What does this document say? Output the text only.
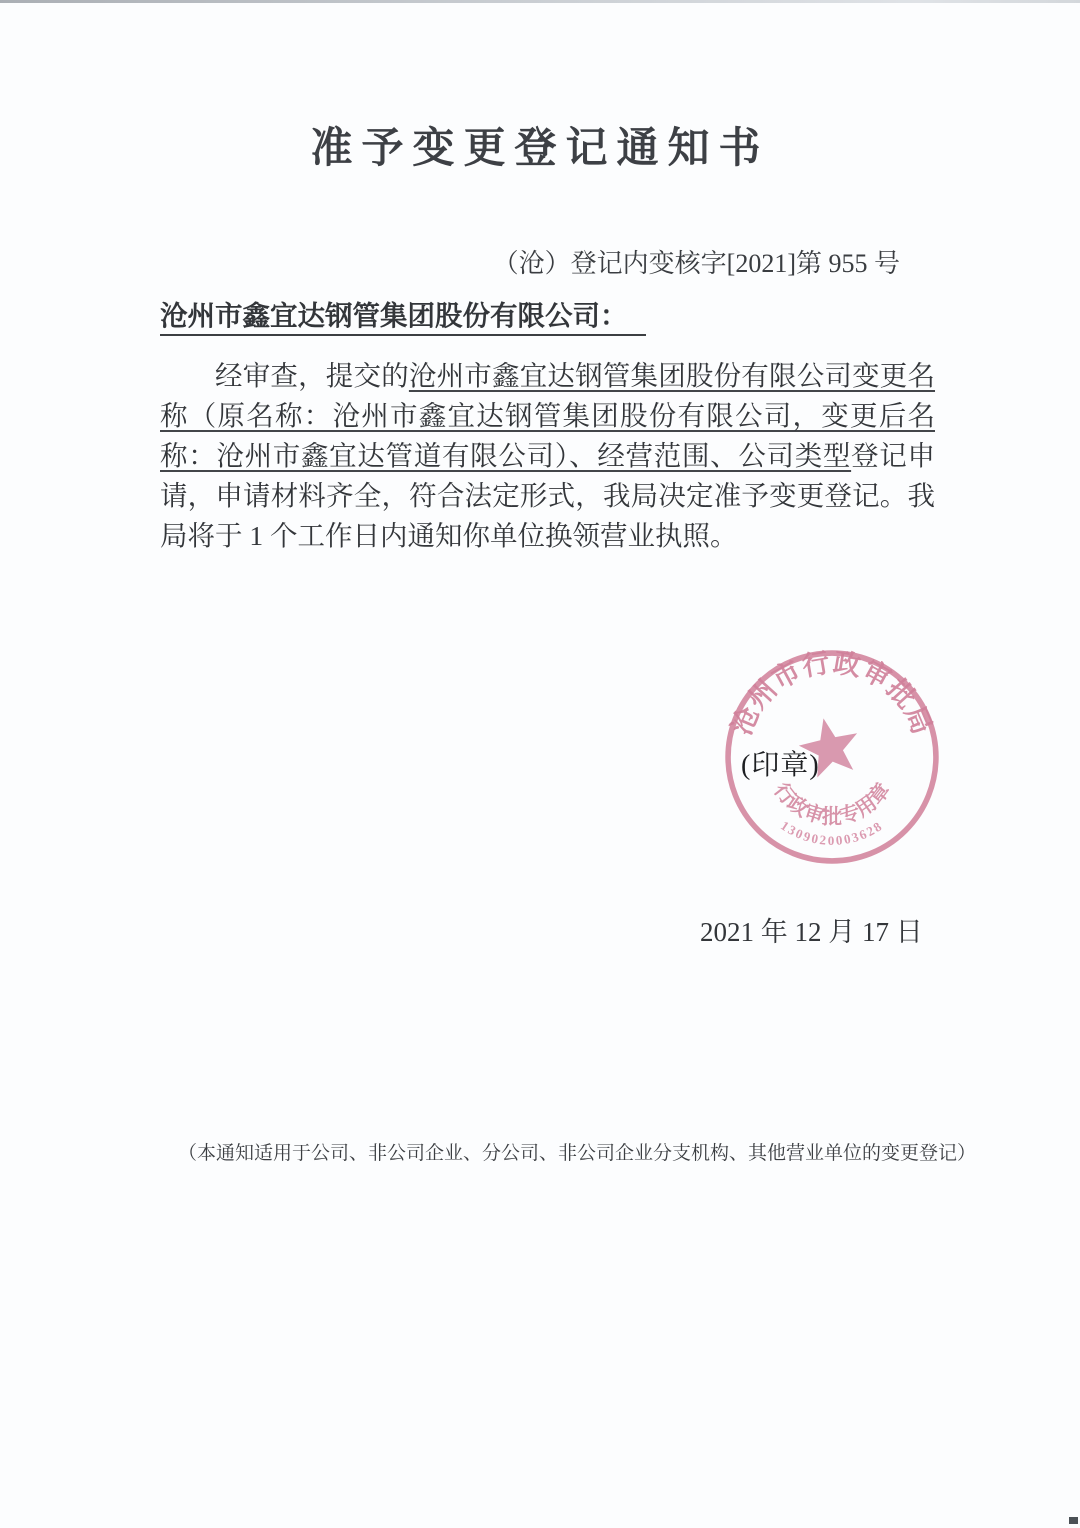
准予变更登记通知书
（沧）登记内变核字[2021]第 955 号
沧州市鑫宜达钢管集团股份有限公司：

经审查，提交的沧州市鑫宜达钢管集团股份有限公司变更名称（原名称：沧州市鑫宜达钢管集团股份有限公司，变更后名称：沧州市鑫宜达管道有限公司）、经营范围、公司类型登记申请，申请材料齐全，符合法定形式，我局决定准予变更登记。我局将于 1 个工作日内通知你单位换领营业执照。

沧州市行政审批局
行政审批专用章
1309020003628
(印章)
2021 年 12 月 17 日

（本通知适用于公司、非公司企业、分公司、非公司企业分支机构、其他营业单位的变更登记）
